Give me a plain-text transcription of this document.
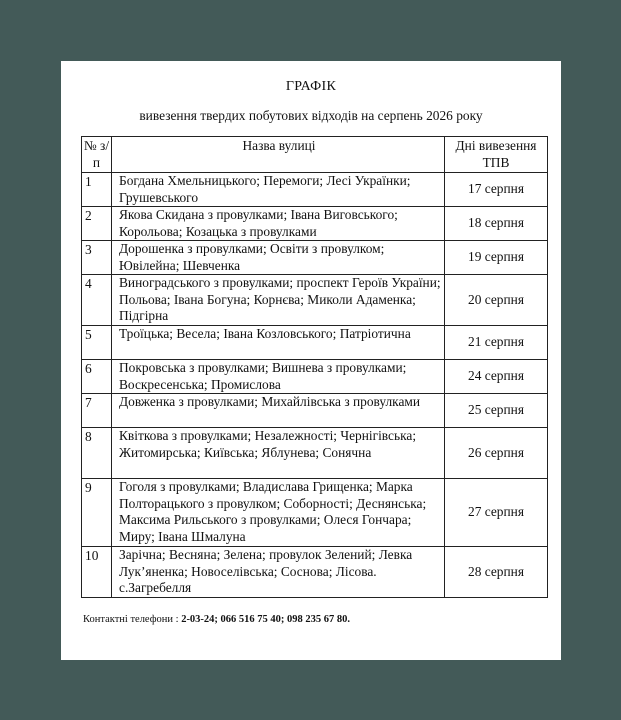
ГРАФІК
вивезення твердих побутових відходів на серпень 2026 року
№ з/п	Назва вулиці	Дні вивезення ТПВ
1	Богдана Хмельницького; Перемоги; Лесі Українки; Грушевського	17 серпня
2	Якова Скидана з провулками; Івана Виговського; Корольова; Козацька з провулками	18 серпня
3	Дорошенка з провулками; Освіти з провулком; Ювілейна; Шевченка	19 серпня
4	Виноградського з провулками; проспект Героїв України; Польова; Івана Богуна; Корнєва; Миколи Адаменка; Підгірна	20 серпня
5	Троїцька; Весела; Івана Козловського; Патріотична	21 серпня
6	Покровська з провулками; Вишнева з провулками; Воскресенська; Промислова	24 серпня
7	Довженка з провулками; Михайлівська з провулками	25 серпня
8	Квіткова з провулками; Незалежності; Чернігівська; Житомирська; Київська; Яблунева; Сонячна	26 серпня
9	Гоголя з провулками; Владислава Грищенка; Марка Полторацького з провулком; Соборності; Деснянська; Максима Рильського з провулками; Олеся Гончара; Миру; Івана Шмалуна	27 серпня
10	Зарічна; Весняна; Зелена; провулок Зелений; Левка Лук’яненка; Новоселівська; Соснова; Лісова. с.Загребелля	28 серпня
Контактні телефони : 2-03-24; 066 516 75 40; 098 235 67 80.
